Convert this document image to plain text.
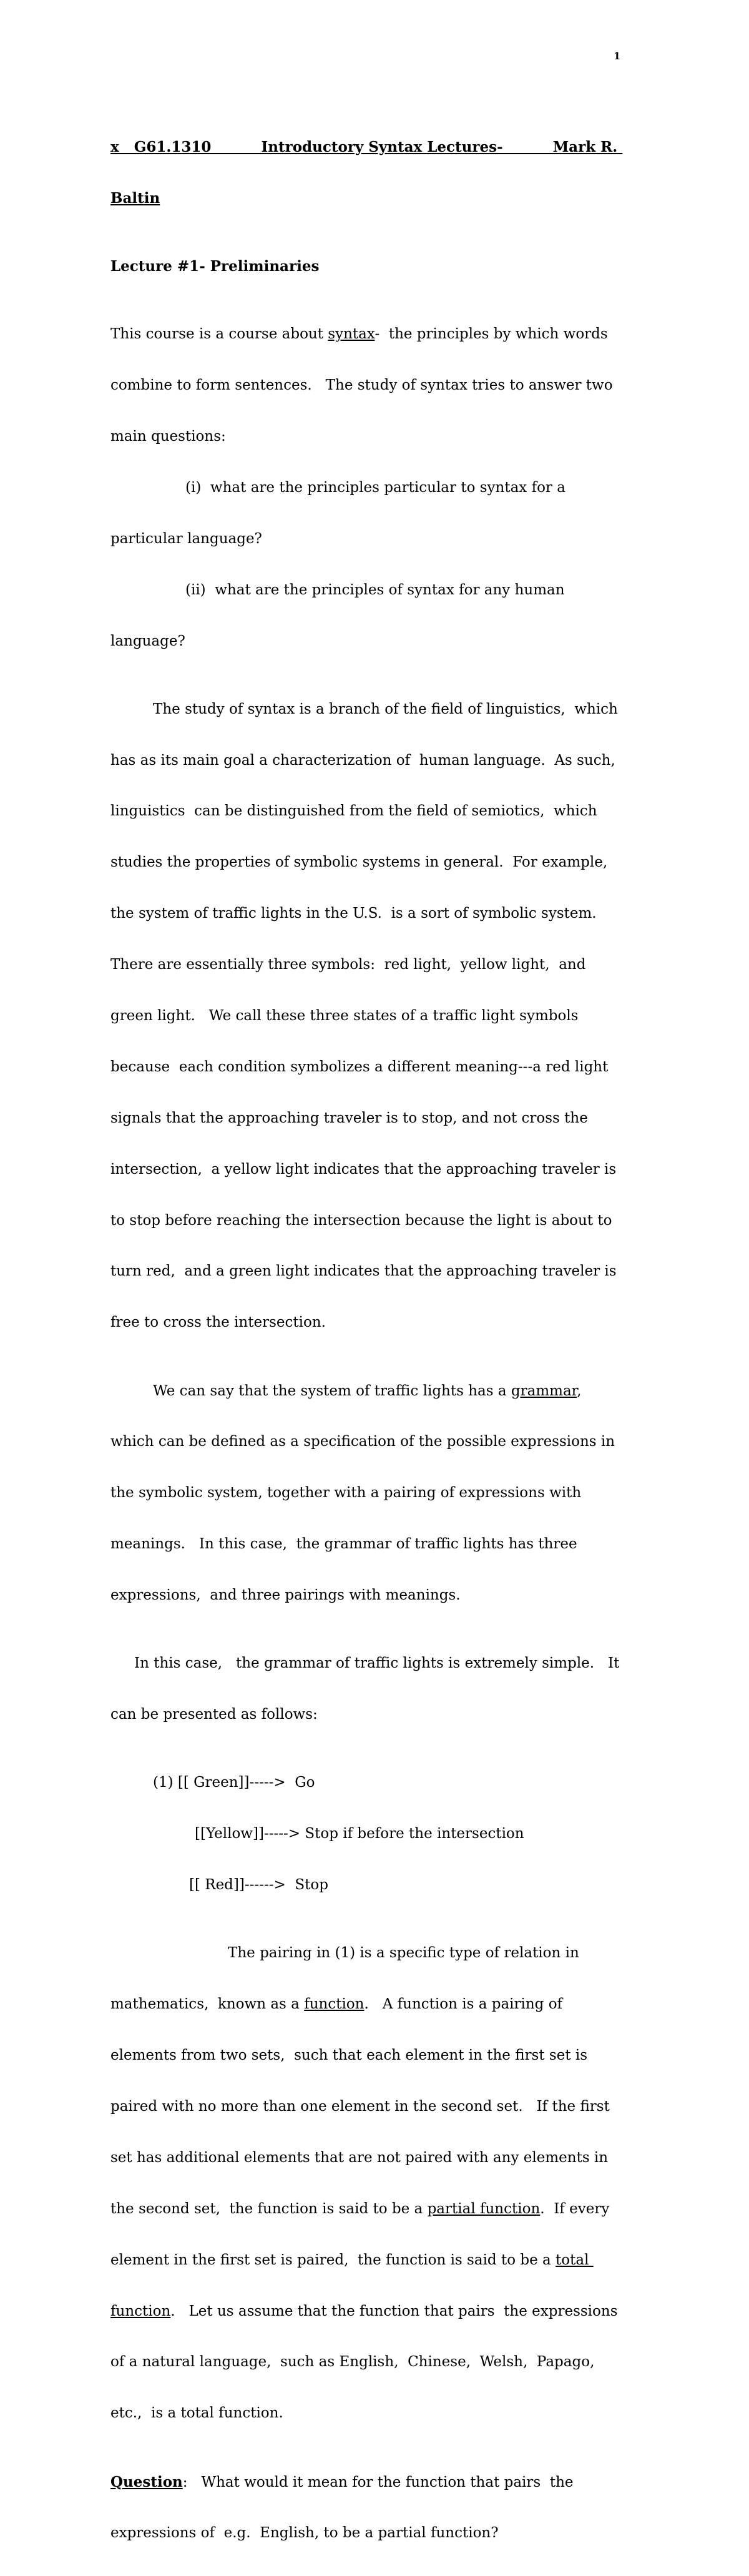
1

x   G61.1310          Introductory Syntax Lectures-          Mark R.

Baltin

Lecture #1- Preliminaries

This course is a course about syntax-  the principles by which words

combine to form sentences.   The study of syntax tries to answer two

main questions:

(i)  what are the principles particular to syntax for a

particular language?

(ii)  what are the principles of syntax for any human

language?

The study of syntax is a branch of the field of linguistics,  which

has as its main goal a characterization of  human language.  As such,

linguistics  can be distinguished from the field of semiotics,  which

studies the properties of symbolic systems in general.  For example,

the system of traffic lights in the U.S.  is a sort of symbolic system.

There are essentially three symbols:  red light,  yellow light,  and

green light.   We call these three states of a traffic light symbols

because  each condition symbolizes a different meaning---a red light

signals that the approaching traveler is to stop, and not cross the

intersection,  a yellow light indicates that the approaching traveler is

to stop before reaching the intersection because the light is about to

turn red,  and a green light indicates that the approaching traveler is

free to cross the intersection.

We can say that the system of traffic lights has a grammar,

which can be defined as a specification of the possible expressions in

the symbolic system, together with a pairing of expressions with

meanings.   In this case,  the grammar of traffic lights has three

expressions,  and three pairings with meanings.

In this case,   the grammar of traffic lights is extremely simple.   It

can be presented as follows:

(1) [[ Green]]----->  Go

[[Yellow]]-----> Stop if before the intersection

[[ Red]]------>  Stop

The pairing in (1) is a specific type of relation in

mathematics,  known as a function.   A function is a pairing of

elements from two sets,  such that each element in the first set is

paired with no more than one element in the second set.   If the first

set has additional elements that are not paired with any elements in

the second set,  the function is said to be a partial function.  If every

element in the first set is paired,  the function is said to be a total

function.   Let us assume that the function that pairs  the expressions

of a natural language,  such as English,  Chinese,  Welsh,  Papago,

etc.,  is a total function.

Question:   What would it mean for the function that pairs  the

expressions of  e.g.  English, to be a partial function?
